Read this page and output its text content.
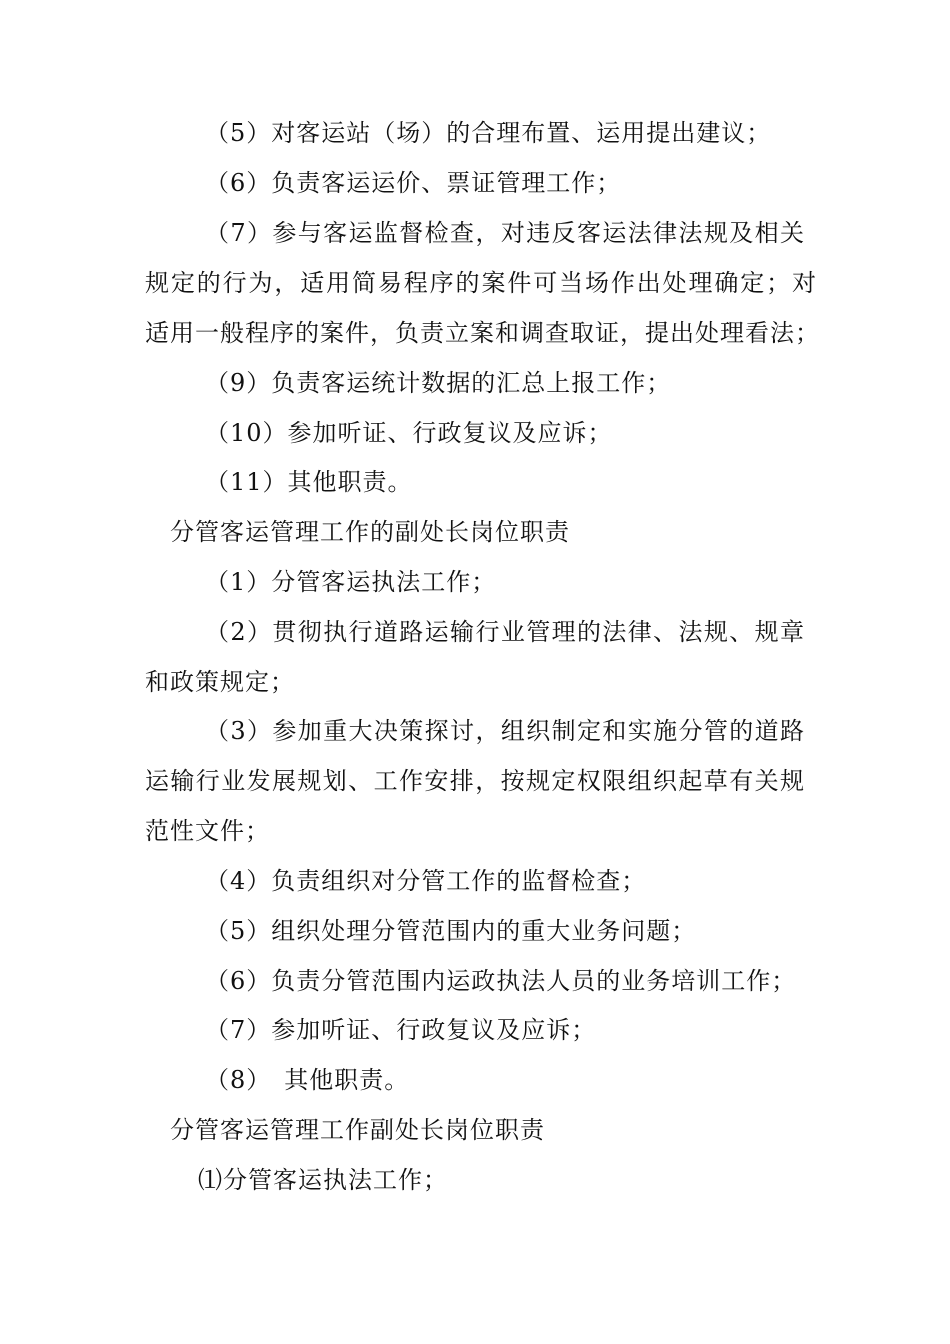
（5）对客运站（场）的合理布置、运用提出建议；
（6）负责客运运价、票证管理工作；
（7）参与客运监督检查，对违反客运法律法规及相关
规定的行为，适用简易程序的案件可当场作出处理确定；对
适用一般程序的案件，负责立案和调查取证，提出处理看法；
（9）负责客运统计数据的汇总上报工作；
（10）参加听证、行政复议及应诉；
（11）其他职责。
分管客运管理工作的副处长岗位职责
（1）分管客运执法工作；
（2）贯彻执行道路运输行业管理的法律、法规、规章
和政策规定；
（3）参加重大决策探讨，组织制定和实施分管的道路
运输行业发展规划、工作安排，按规定权限组织起草有关规
范性文件；
（4）负责组织对分管工作的监督检查；
（5）组织处理分管范围内的重大业务问题；
（6）负责分管范围内运政执法人员的业务培训工作；
（7）参加听证、行政复议及应诉；
（8）　其他职责。
分管客运管理工作副处长岗位职责
⑴分管客运执法工作；
